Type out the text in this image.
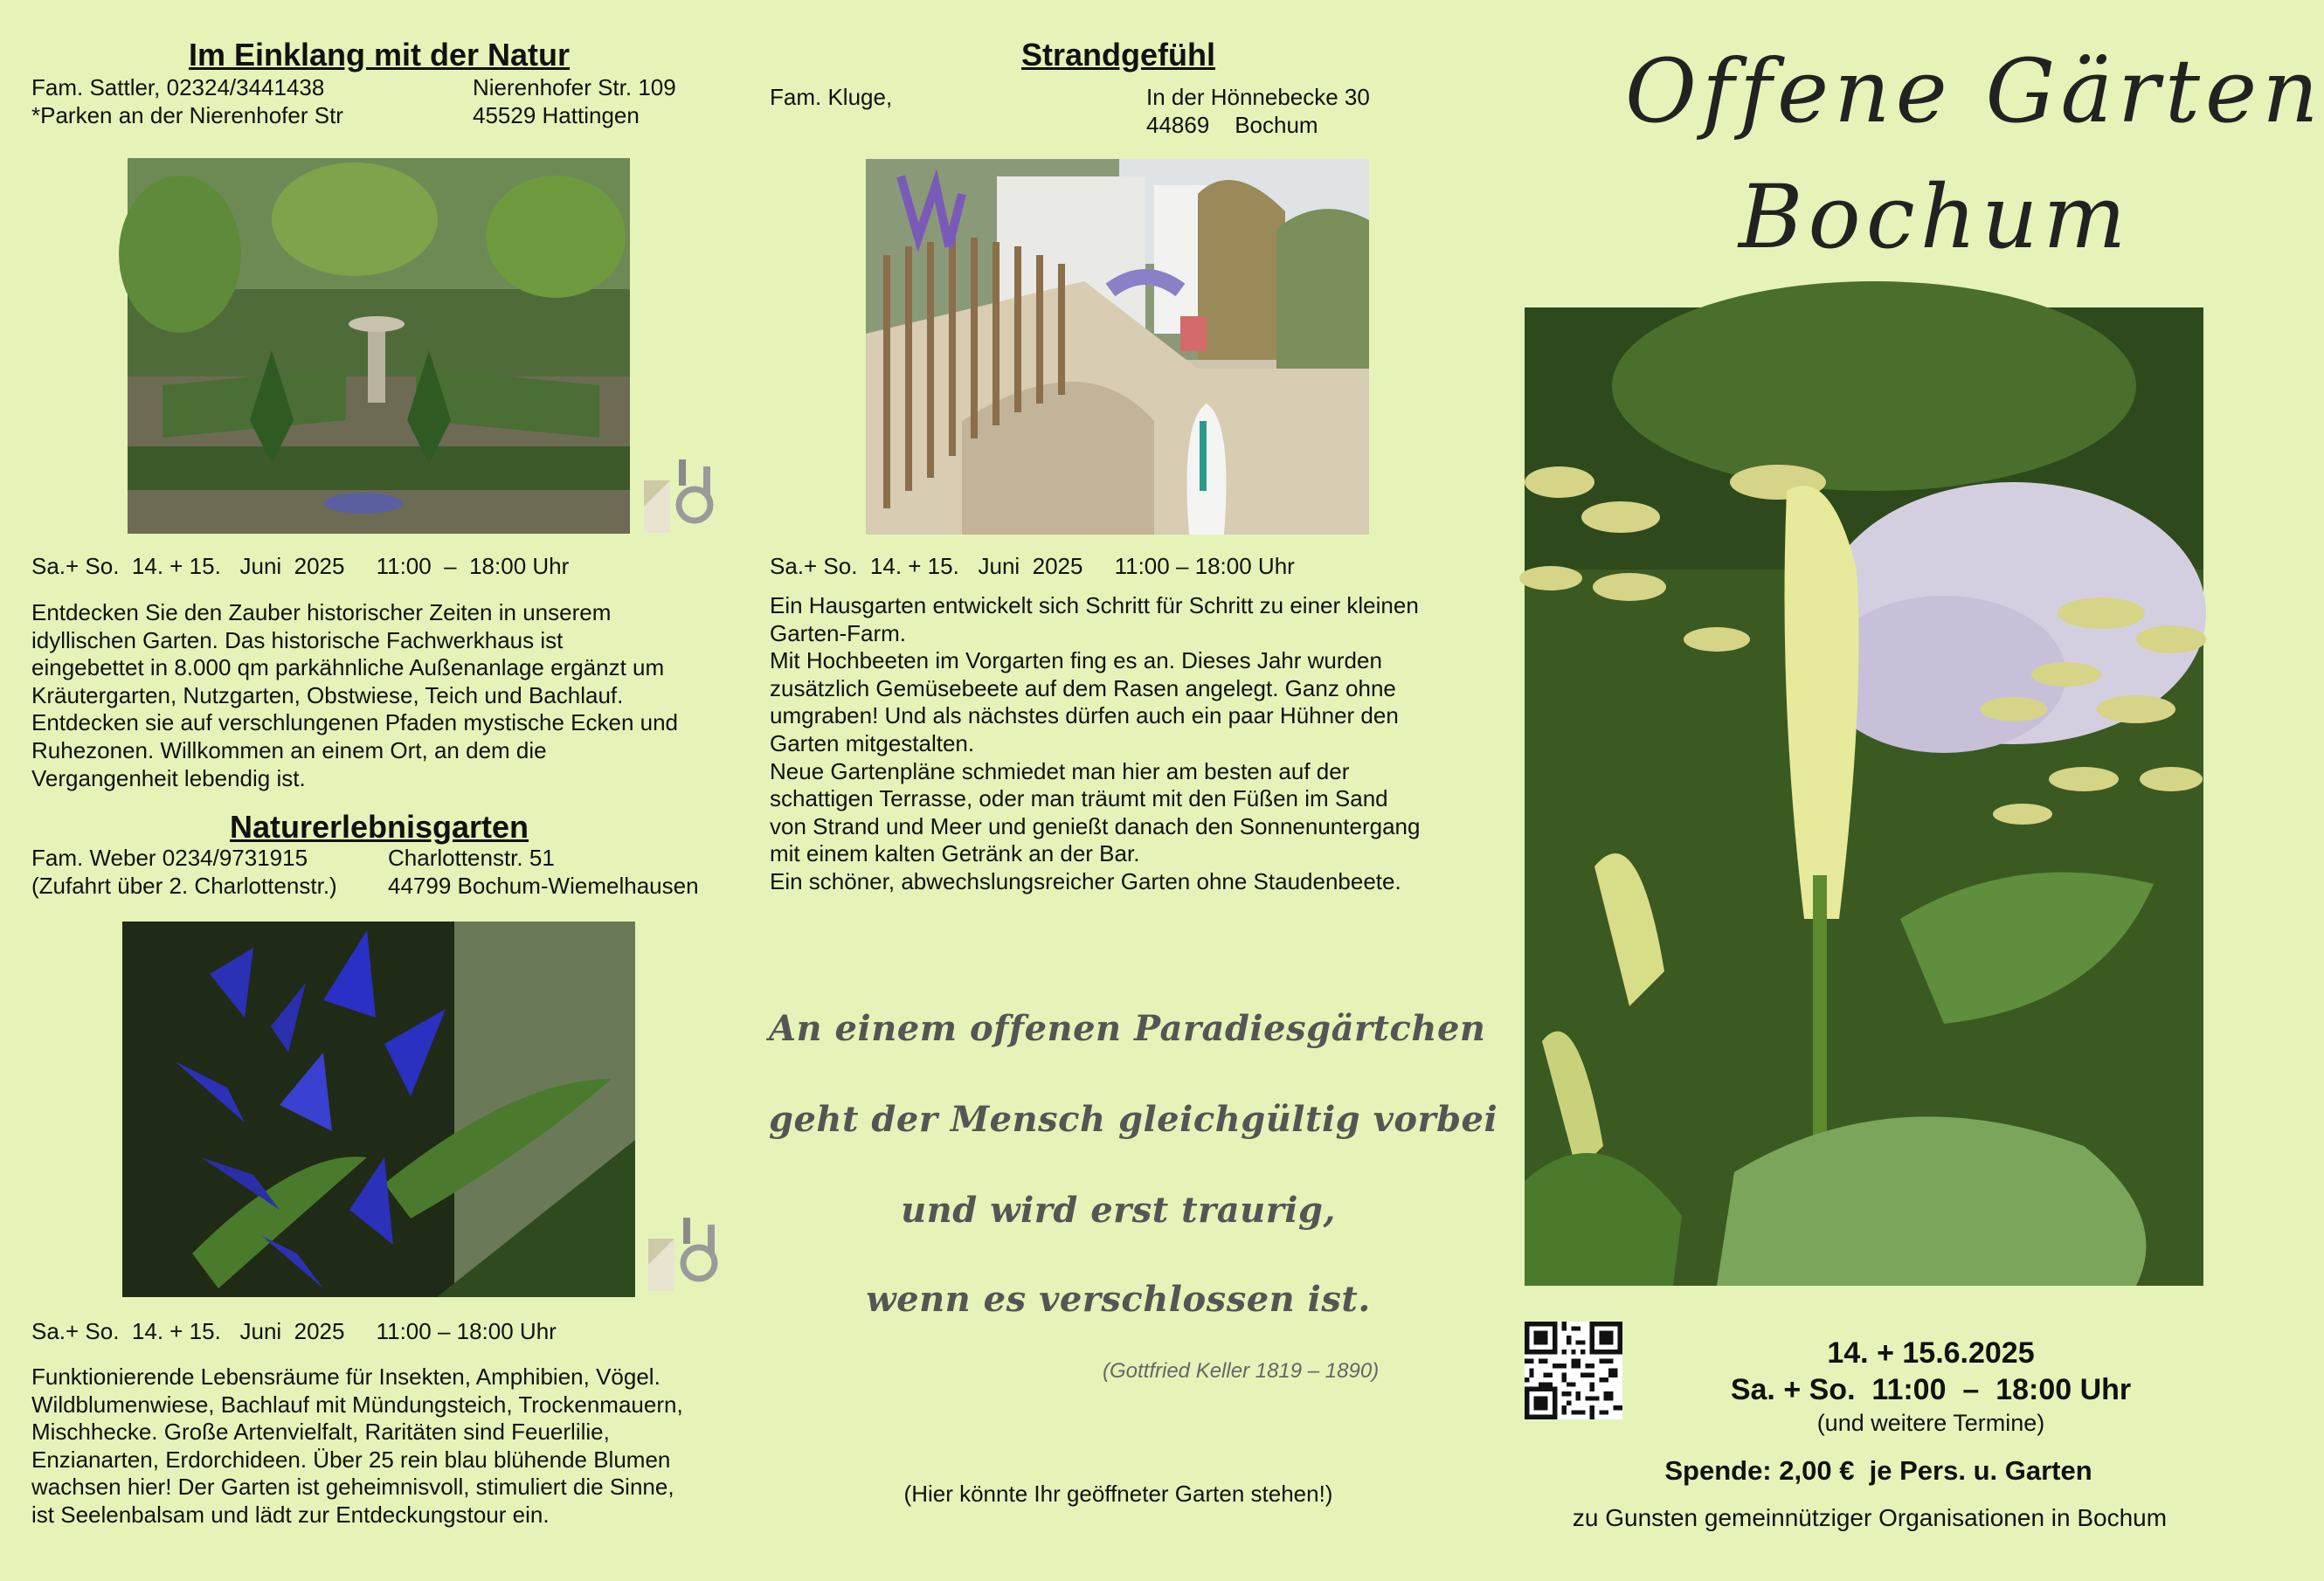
Im Einklang mit der Natur
Fam. Sattler, 02324/3441438
*Parken an der Nierenhofer Str
Nierenhofer Str. 109
45529 Hattingen
Sa.+ So.  14. + 15.   Juni  2025     11:00  –  18:00 Uhr
Entdecken Sie den Zauber historischer Zeiten in unserem
idyllischen Garten. Das historische Fachwerkhaus ist
eingebettet in 8.000 qm parkähnliche Außenanlage ergänzt um
Kräutergarten, Nutzgarten, Obstwiese, Teich und Bachlauf.
Entdecken sie auf verschlungenen Pfaden mystische Ecken und
Ruhezonen. Willkommen an einem Ort, an dem die
Vergangenheit lebendig ist.
Naturerlebnisgarten
Fam. Weber 0234/9731915
(Zufahrt über 2. Charlottenstr.)
Charlottenstr. 51
44799 Bochum-Wiemelhausen
Sa.+ So.  14. + 15.   Juni  2025     11:00 – 18:00 Uhr
Funktionierende Lebensräume für Insekten, Amphibien, Vögel.
Wildblumenwiese, Bachlauf mit Mündungsteich, Trockenmauern,
Mischhecke. Große Artenvielfalt, Raritäten sind Feuerlilie,
Enzianarten, Erdorchideen. Über 25 rein blau blühende Blumen
wachsen hier! Der Garten ist geheimnisvoll, stimuliert die Sinne,
ist Seelenbalsam und lädt zur Entdeckungstour ein.
Strandgefühl
Fam. Kluge,	In der Hönnebecke 30
44869    Bochum
Sa.+ So.  14. + 15.   Juni  2025     11:00 – 18:00 Uhr
Ein Hausgarten entwickelt sich Schritt für Schritt zu einer kleinen
Garten-Farm.
Mit Hochbeeten im Vorgarten fing es an. Dieses Jahr wurden
zusätzlich Gemüsebeete auf dem Rasen angelegt. Ganz ohne
umgraben! Und als nächstes dürfen auch ein paar Hühner den
Garten mitgestalten.
Neue Gartenpläne schmiedet man hier am besten auf der
schattigen Terrasse, oder man träumt mit den Füßen im Sand
von Strand und Meer und genießt danach den Sonnenuntergang
mit einem kalten Getränk an der Bar.
Ein schöner, abwechslungsreicher Garten ohne Staudenbeete.
An einem offenen Paradiesgärtchen
geht der Mensch gleichgültig vorbei
und wird erst traurig,
wenn es verschlossen ist.
(Gottfried Keller 1819 – 1890)
(Hier könnte Ihr geöffneter Garten stehen!)
Offene Gärten
Bochum
14. + 15.6.2025
Sa. + So.  11:00  –  18:00 Uhr
(und weitere Termine)
Spende: 2,00 €  je Pers. u. Garten
zu Gunsten gemeinnütziger Organisationen in Bochum
